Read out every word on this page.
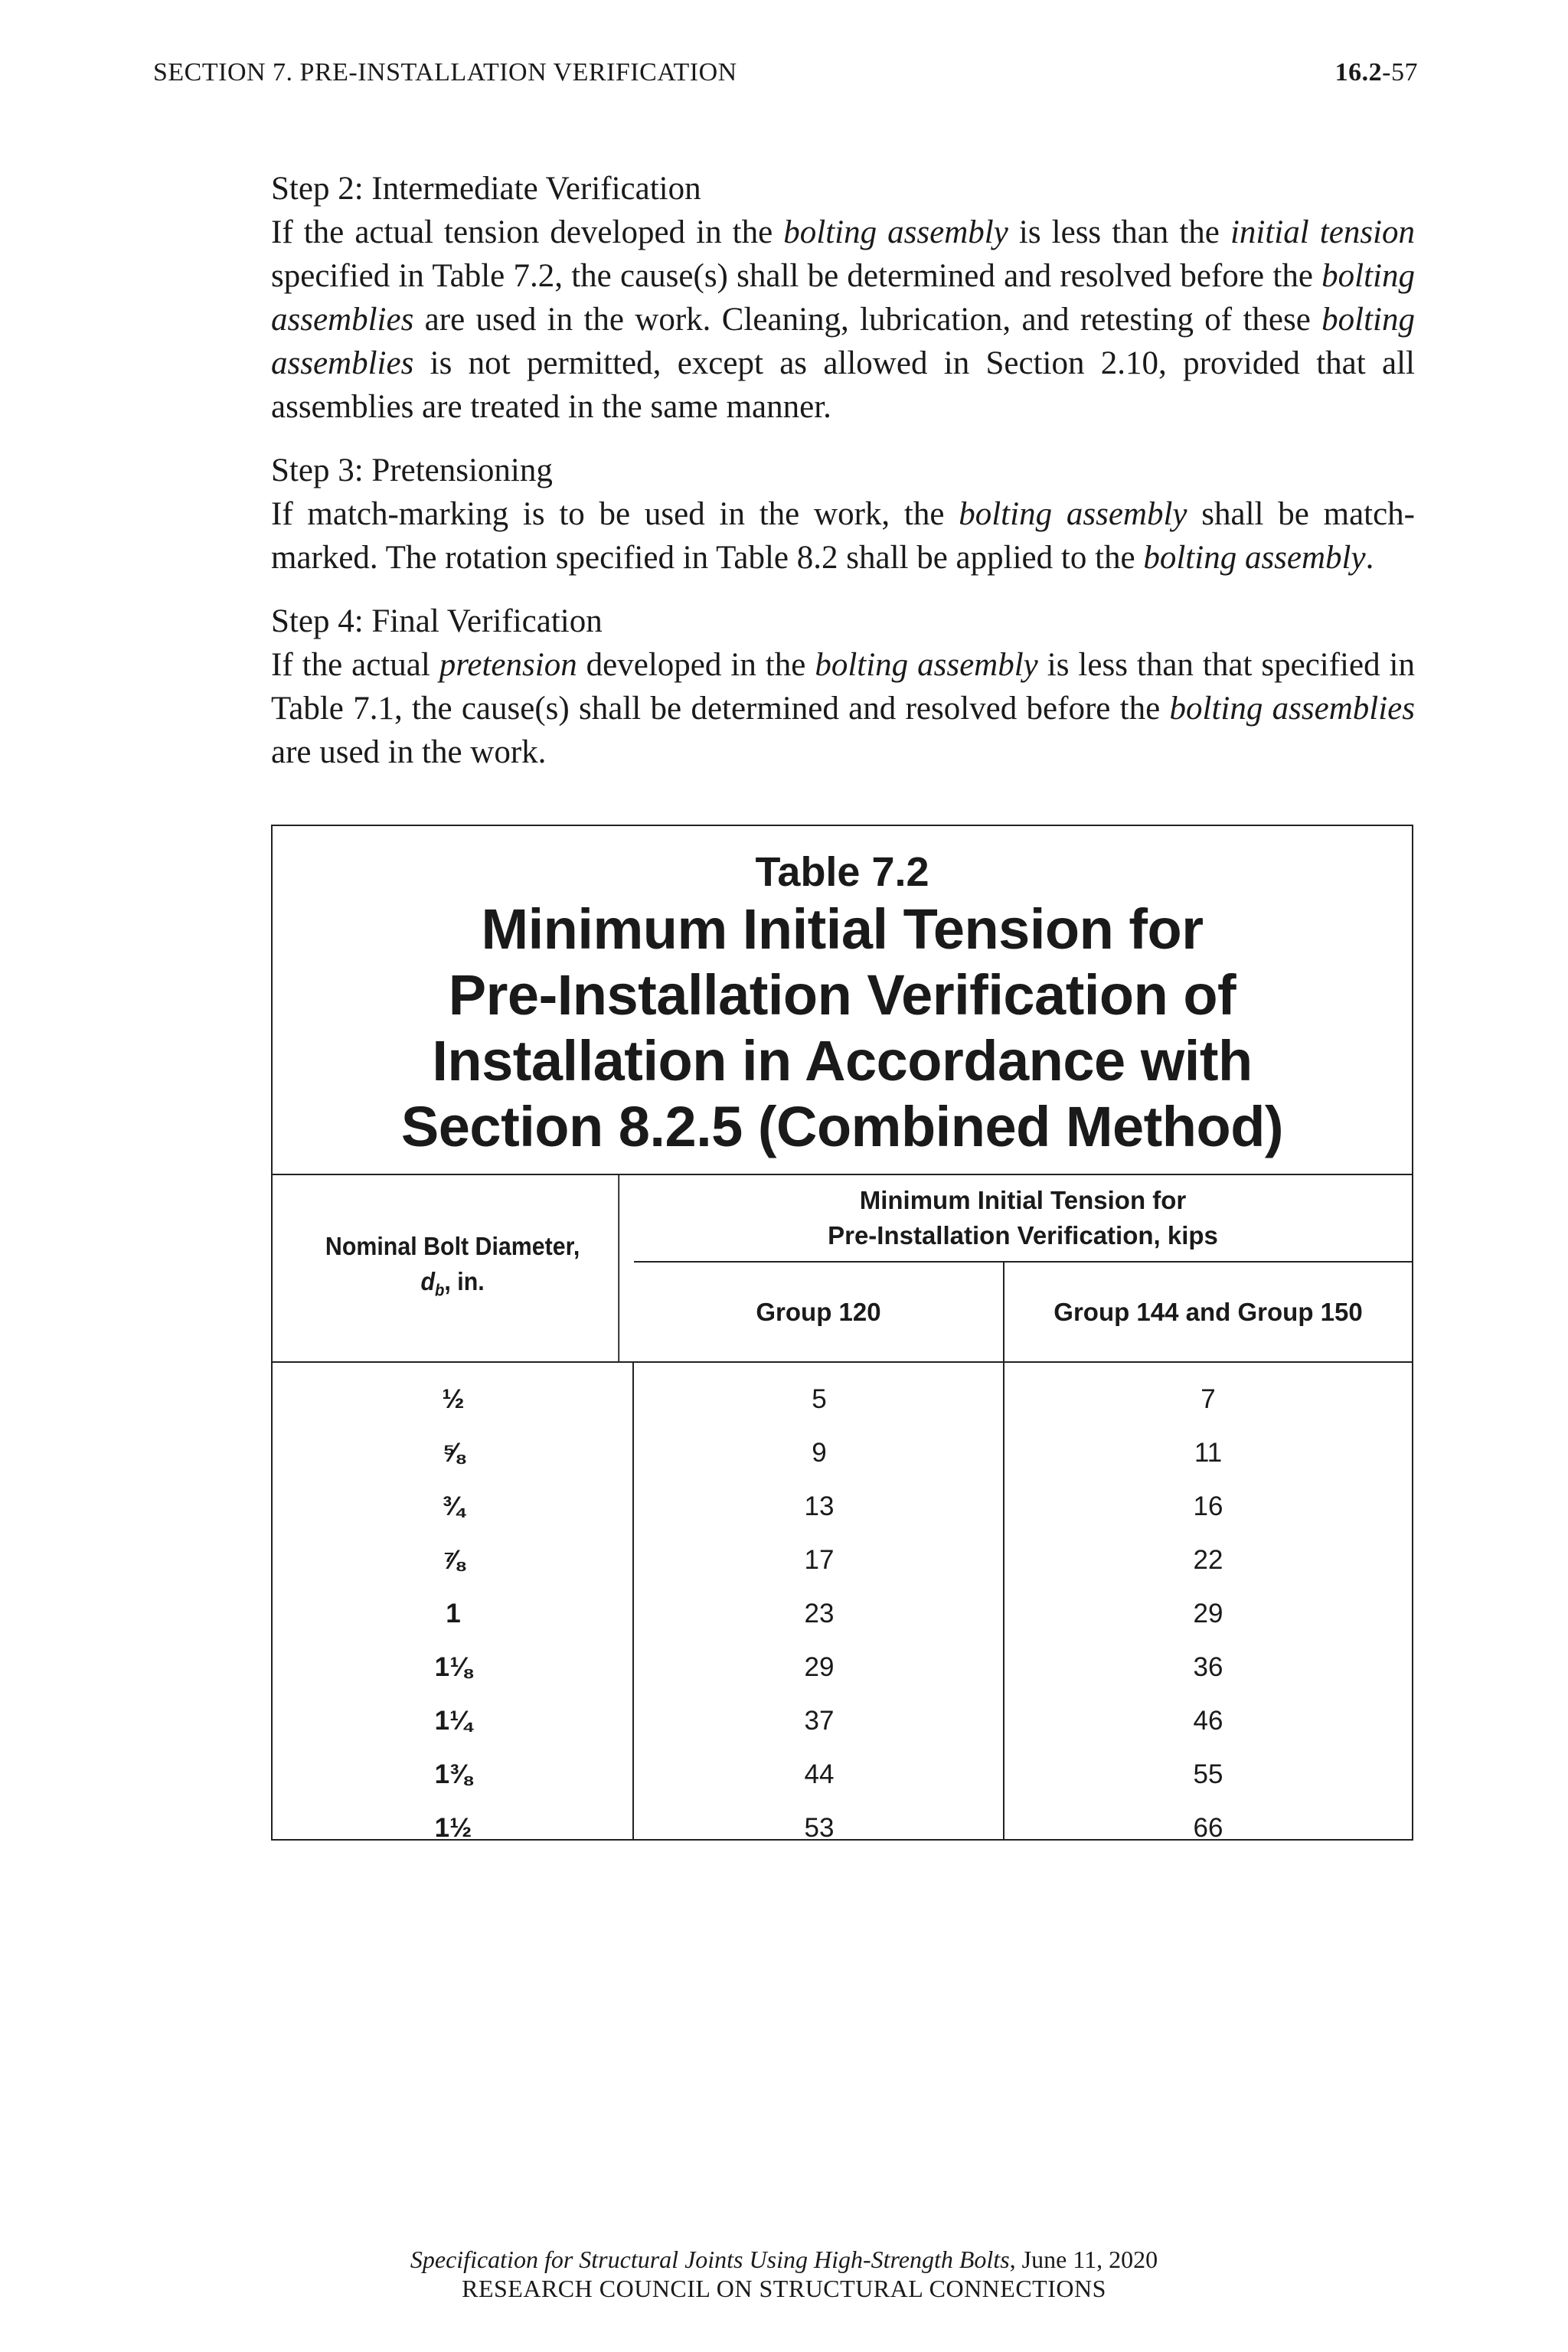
SECTION 7. PRE-INSTALLATION VERIFICATION	16.2-57

Step 2: Intermediate Verification

If the actual tension developed in the bolting assembly is less than the initial tension specified in Table 7.2, the cause(s) shall be determined and resolved before the bolting assemblies are used in the work. Cleaning, lubrication, and retesting of these bolting assemblies is not permitted, except as allowed in Section 2.10, provided that all assemblies are treated in the same manner.

Step 3: Pretensioning

If match-marking is to be used in the work, the bolting assembly shall be match-marked. The rotation specified in Table 8.2 shall be applied to the bolting assembly.

Step 4: Final Verification

If the actual pretension developed in the bolting assembly is less than that specified in Table 7.1, the cause(s) shall be determined and resolved before the bolting assemblies are used in the work.

Table 7.2
Minimum Initial Tension for
Pre-Installation Verification of
Installation in Accordance with
Section 8.2.5 (Combined Method)
Nominal Bolt Diameter,
$d_b$, in.
Minimum Initial Tension for
Pre-Installation Verification, kips
Group 120	Group 144 and Group 150
½	5	7
⅝	9	11
¾	13	16
⅞	17	22
1	23	29
1⅛	29	36
1¼	37	46
1⅜	44	55
1½	53	66
Specification for Structural Joints Using High-Strength Bolts, June 11, 2020
RESEARCH COUNCIL ON STRUCTURAL CONNECTIONS
